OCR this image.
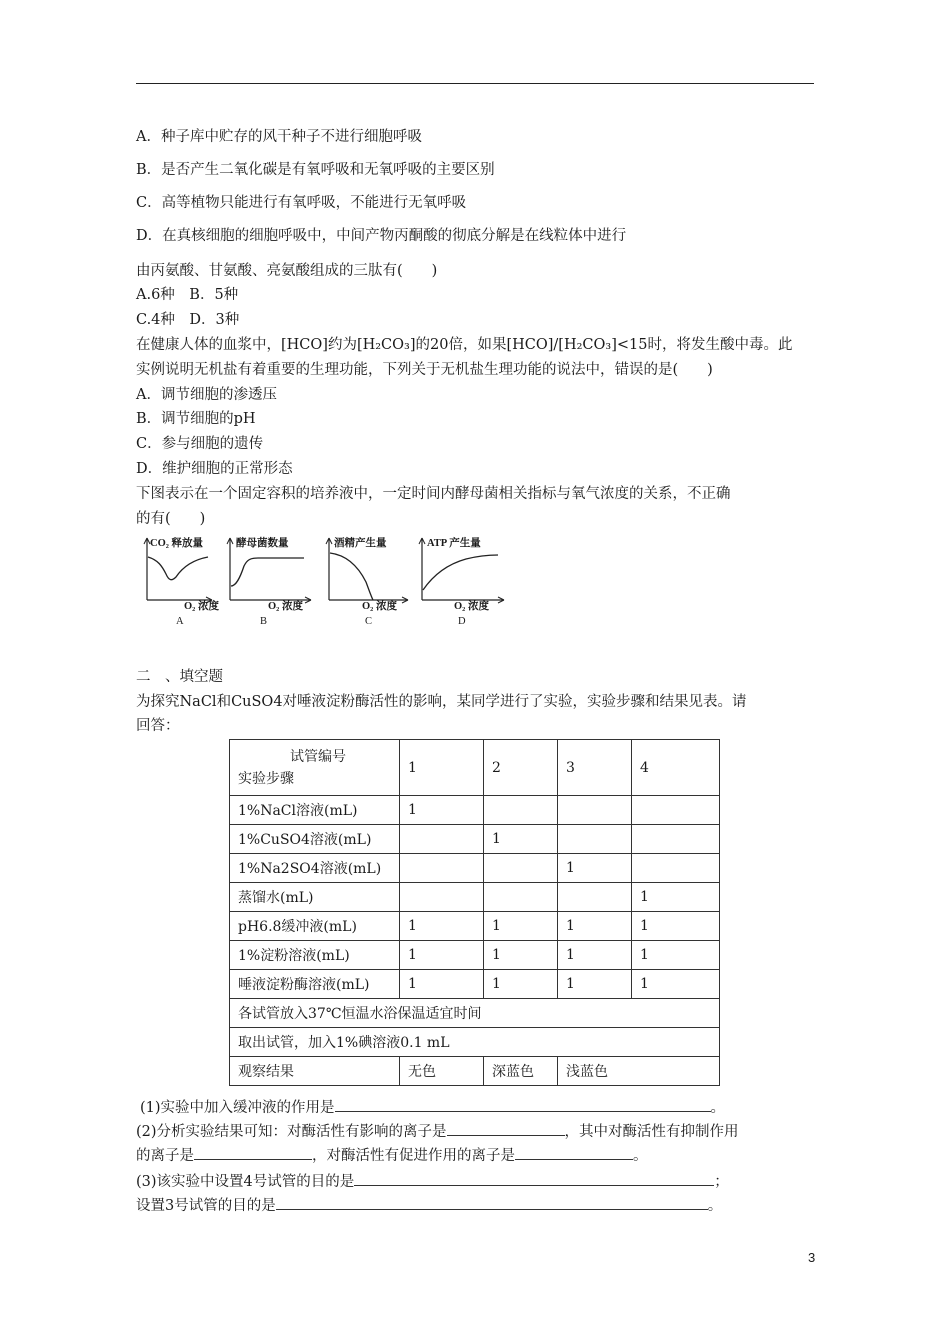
A．种子库中贮存的风干种子不进行细胞呼吸
B．是否产生二氧化碳是有氧呼吸和无氧呼吸的主要区别
C．高等植物只能进行有氧呼吸，不能进行无氧呼吸
D．在真核细胞的细胞呼吸中，中间产物丙酮酸的彻底分解是在线粒体中进行
由丙氨酸、甘氨酸、亮氨酸组成的三肽有(　　)
A.6种　B．5种
C.4种　D．3种
在健康人体的血浆中，[HCO]约为[H₂CO₃]的20倍，如果[HCO]/[H₂CO₃]<15时，将发生酸中毒。此
实例说明无机盐有着重要的生理功能，下列关于无机盐生理功能的说法中，错误的是(　　)
A．调节细胞的渗透压
B．调节细胞的pH
C．参与细胞的遗传
D．维护细胞的正常形态
下图表示在一个固定容积的培养液中，一定时间内酵母菌相关指标与氧气浓度的关系，不正确
的有(　　)
CO₂ 释放量
O₂ 浓度
A
酵母菌数量
O₂ 浓度
B
酒精产生量
O₂ 浓度
C
ATP 产生量
O₂ 浓度
D
二　、填空题
为探究NaCl和CuSO4对唾液淀粉酶活性的影响，某同学进行了实验，实验步骤和结果见表。请
回答：
试管编号
实验步骤	1	2	3	4
1%NaCl溶液(mL)	1			
1%CuSO4溶液(mL)		1		
1%Na2SO4溶液(mL)			1	
蒸馏水(mL)				1
pH6.8缓冲液(mL)	1	1	1	1
1%淀粉溶液(mL)	1	1	1	1
唾液淀粉酶溶液(mL)	1	1	1	1
各试管放入37℃恒温水浴保温适宜时间				
取出试管，加入1%碘溶液0.1 mL				
观察结果	无色	深蓝色	浅蓝色	
(1)实验中加入缓冲液的作用是	。
(2)分析实验结果可知：对酶活性有影响的离子是	，其中对酶活性有抑制作用
的离子是	，对酶活性有促进作用的离子是	。
(3)该实验中设置4号试管的目的是	；
设置3号试管的目的是	。
3
